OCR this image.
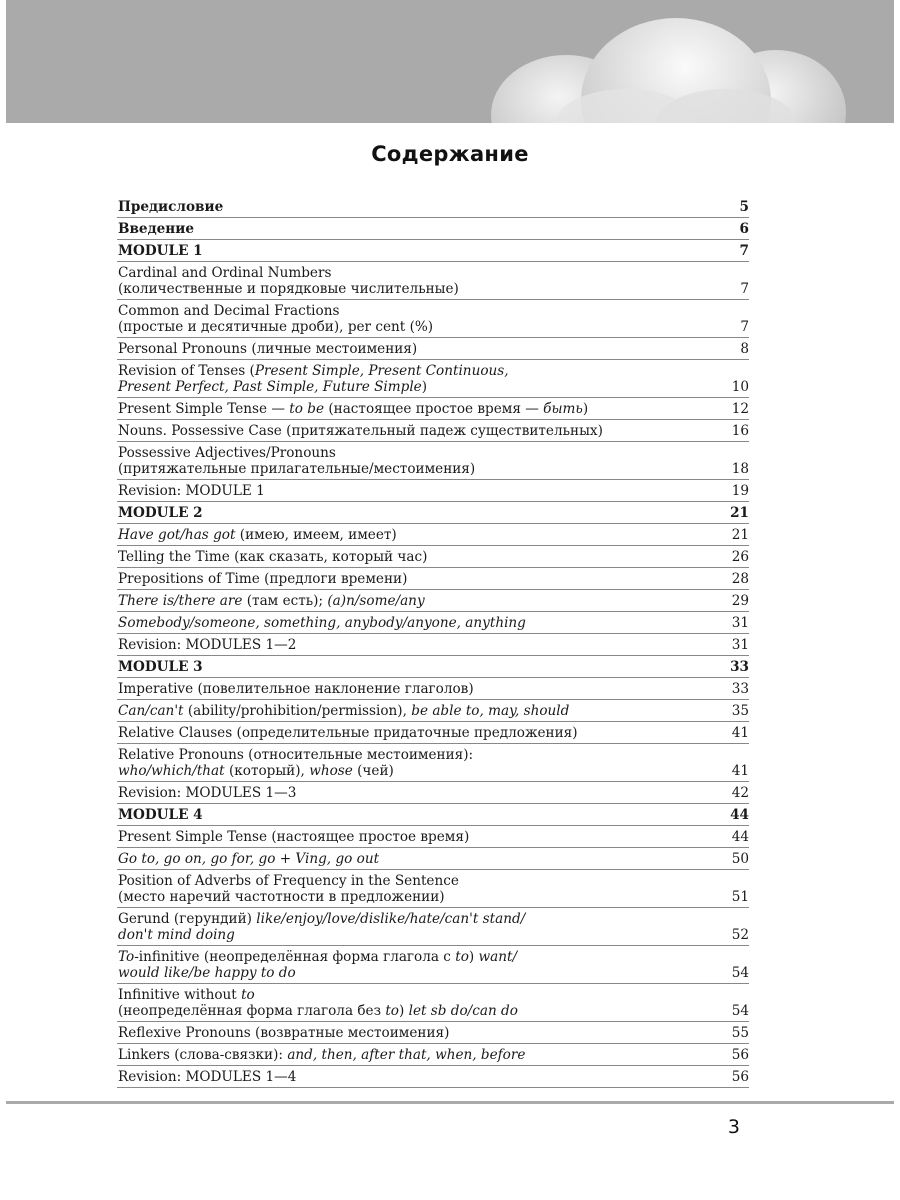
Содержание
Предисловие	5
Введение	6
MODULE 1	7
Cardinal and Ordinal Numbers
(количественные и порядковые числительные)	7
Common and Decimal Fractions
(простые и десятичные дроби), per cent (%)	7
Personal Pronouns (личные местоимения)	8
Revision of Tenses (Present Simple, Present Continuous,
Present Perfect, Past Simple, Future Simple)	10
Present Simple Tense — to be (настоящее простое время — быть)	12
Nouns. Possessive Case (притяжательный падеж существительных)	16
Possessive Adjectives/Pronouns
(притяжательные прилагательные/местоимения)	18
Revision: MODULE 1	19
MODULE 2	21
Have got/has got (имею, имеем, имеет)	21
Telling the Time (как сказать, который час)	26
Prepositions of Time (предлоги времени)	28
There is/there are (там есть); (a)n/some/any	29
Somebody/someone, something, anybody/anyone, anything	31
Revision: MODULES 1—2	31
MODULE 3	33
Imperative (повелительное наклонение глаголов)	33
Can/can't (ability/prohibition/permission), be able to, may, should	35
Relative Clauses (определительные придаточные предложения)	41
Relative Pronouns (относительные местоимения):
who/which/that (который), whose (чей)	41
Revision: MODULES 1—3	42
MODULE 4	44
Present Simple Tense (настоящее простое время)	44
Go to, go on, go for, go + Ving, go out	50
Position of Adverbs of Frequency in the Sentence
(место наречий частотности в предложении)	51
Gerund (герундий) like/enjoy/love/dislike/hate/can't stand/
don't mind doing	52
To-infinitive (неопределённая форма глагола с to) want/
would like/be happy to do	54
Infinitive without to
(неопределённая форма глагола без to) let sb do/can do	54
Reflexive Pronouns (возвратные местоимения)	55
Linkers (слова-связки): and, then, after that, when, before	56
Revision: MODULES 1—4	56
3
